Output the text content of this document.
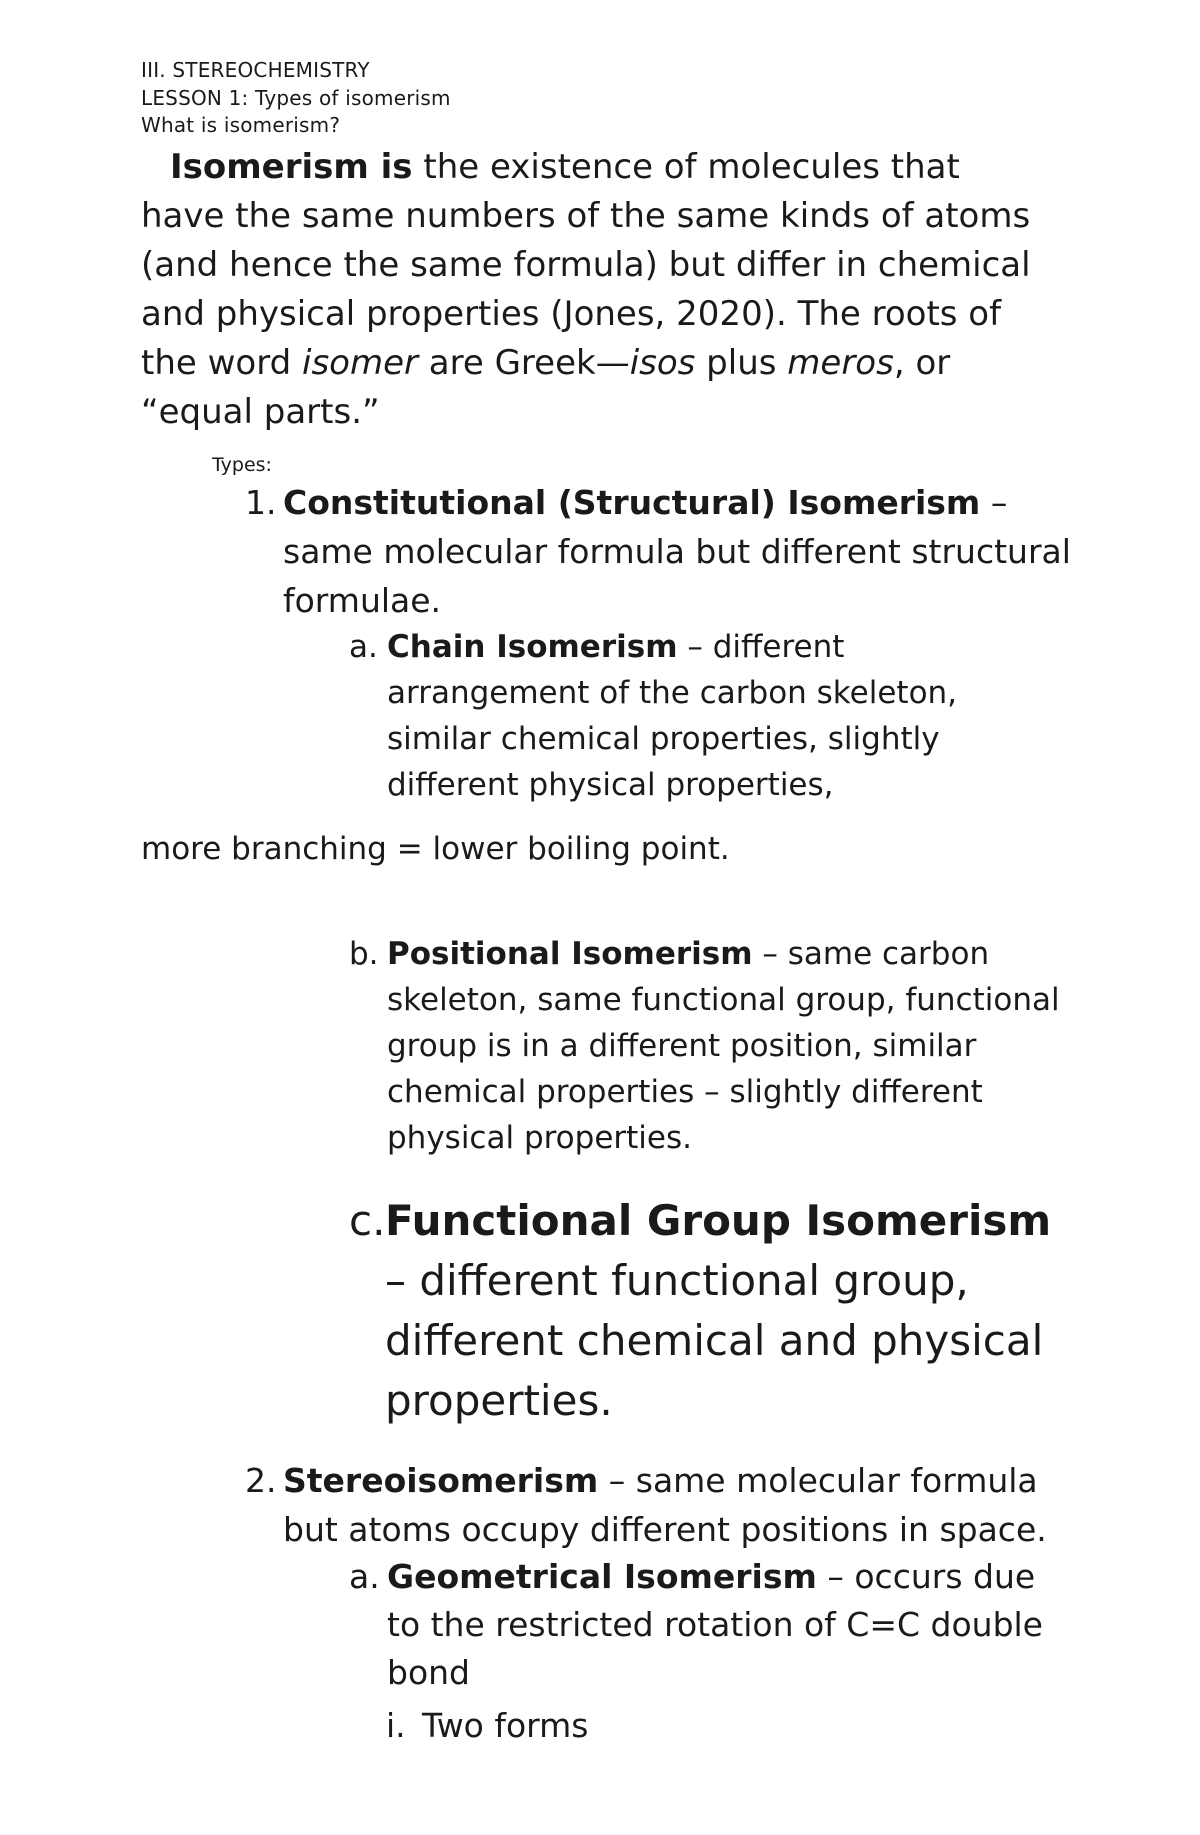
III. STEREOCHEMISTRY
LESSON 1: Types of isomerism
What is isomerism?

Isomerism is the existence of molecules that have the same numbers of the same kinds of atoms (and hence the same formula) but differ in chemical and physical properties (Jones, 2020). The roots of the word isomer are Greek—isos plus meros, or “equal parts.”

Types:
1. Constitutional (Structural) Isomerism – same molecular formula but different structural formulae.
a. Chain Isomerism – different arrangement of the carbon skeleton, similar chemical properties, slightly different physical properties,
more branching = lower boiling point.
b. Positional Isomerism – same carbon skeleton, same functional group, functional group is in a different position, similar chemical properties – slightly different physical properties.
c. Functional Group Isomerism – different functional group, different chemical and physical properties.
2. Stereoisomerism – same molecular formula but atoms occupy different positions in space.
a. Geometrical Isomerism – occurs due to the restricted rotation of C=C double bond
i. Two forms
